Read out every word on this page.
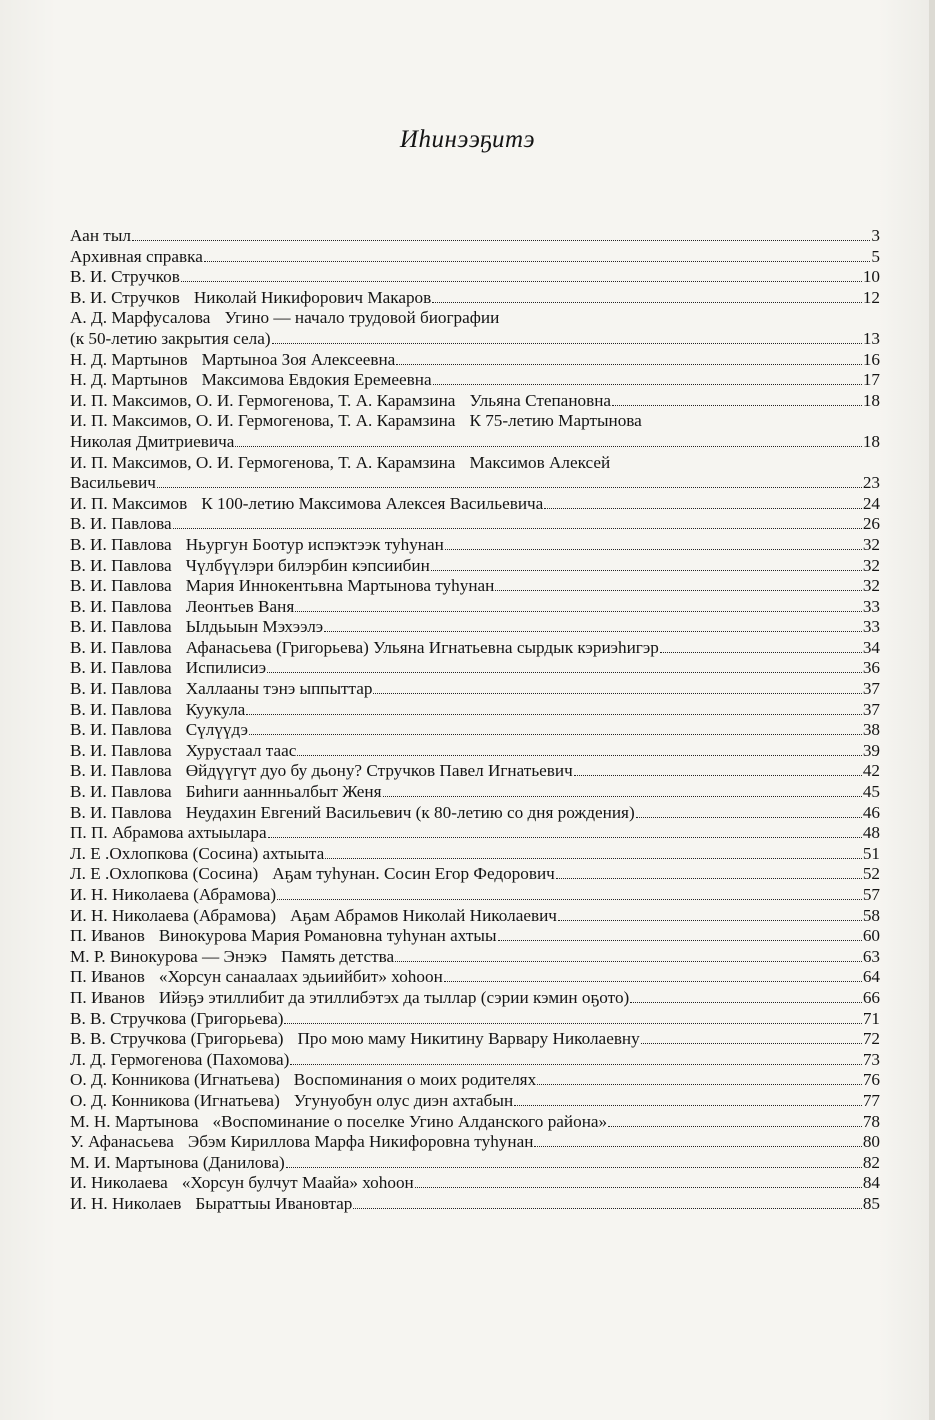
Иһинээҕитэ
Аан тыл	3
Архивная справка	5
В. И. Стручков	10
В. И. Стручков Николай Никифорович Макаров	12
А. Д. Марфусалова Угино — начало трудовой биографии
(к 50-летию закрытия села)	13
Н. Д. Мартынов Мартыноа Зоя Алексеевна	16
Н. Д. Мартынов Максимова Евдокия Еремеевна	17
И. П. Максимов, О. И. Гермогенова, Т. А. Карамзина Ульяна Степановна	18
И. П. Максимов, О. И. Гермогенова, Т. А. Карамзина К 75-летию Мартынова
Николая Дмитриевича	18
И. П. Максимов, О. И. Гермогенова, Т. А. Карамзина Максимов Алексей
Васильевич	23
И. П. Максимов К 100-летию Максимова Алексея Васильевича	24
В. И. Павлова	26
В. И. Павлова Ньургун Боотур испэктээк туһунан	32
В. И. Павлова Чүлбүүлэри билэрбин кэпсиибин	32
В. И. Павлова Мария Иннокентьвна Мартынова туһунан	32
В. И. Павлова Леонтьев Ваня	33
В. И. Павлова Ылдьыын Мэхээлэ	33
В. И. Павлова Афанасьева (Григорьева) Ульяна Игнатьевна сырдык кэриэһигэр	34
В. И. Павлова Испилисиэ	36
В. И. Павлова Халлааны тэнэ ыппыттар	37
В. И. Павлова Куукула	37
В. И. Павлова Сүлүүдэ	38
В. И. Павлова Хурустаал таас	39
В. И. Павлова Өйдүүгүт дуо бу дьону? Стручков Павел Игнатьевич	42
В. И. Павлова Биһиги ааннньалбыт Женя	45
В. И. Павлова Неудахин Евгений Васильевич (к 80-летию со дня рождения)	46
П. П. Абрамова ахтыылара	48
Л. Е .Охлопкова (Сосина) ахтыыта	51
Л. Е .Охлопкова (Сосина) Аҕам туһунан. Сосин Егор Федорович	52
И. Н. Николаева (Абрамова)	57
И. Н. Николаева (Абрамова) Аҕам Абрамов Николай Николаевич	58
П. Иванов Винокурова Мария Романовна туһунан ахтыы	60
М. Р. Винокурова — Энэкэ Память детства	63
П. Иванов «Хорсун санаалаах эдьиийбит» хоһоон	64
П. Иванов Ийэҕэ этиллибит да этиллибэтэх да тыллар (сэрии кэмин оҕото)	66
В. В. Стручкова (Григорьева)	71
В. В. Стручкова (Григорьева) Про мою маму Никитину Варвару Николаевну	72
Л. Д. Гермогенова (Пахомова)	73
О. Д. Конникова (Игнатьева) Воспоминания о моих родителях	76
О. Д. Конникова (Игнатьева) Угунуобун олус диэн ахтабын	77
М. Н. Мартынова «Воспоминание о поселке Угино Алданского района»	78
У. Афанасьева Эбэм Кириллова Марфа Никифоровна туһунан	80
М. И. Мартынова (Данилова)	82
И. Николаева «Хорсун булчут Маайа» хоһоон	84
И. Н. Николаев Быраттыы Ивановтар	85
